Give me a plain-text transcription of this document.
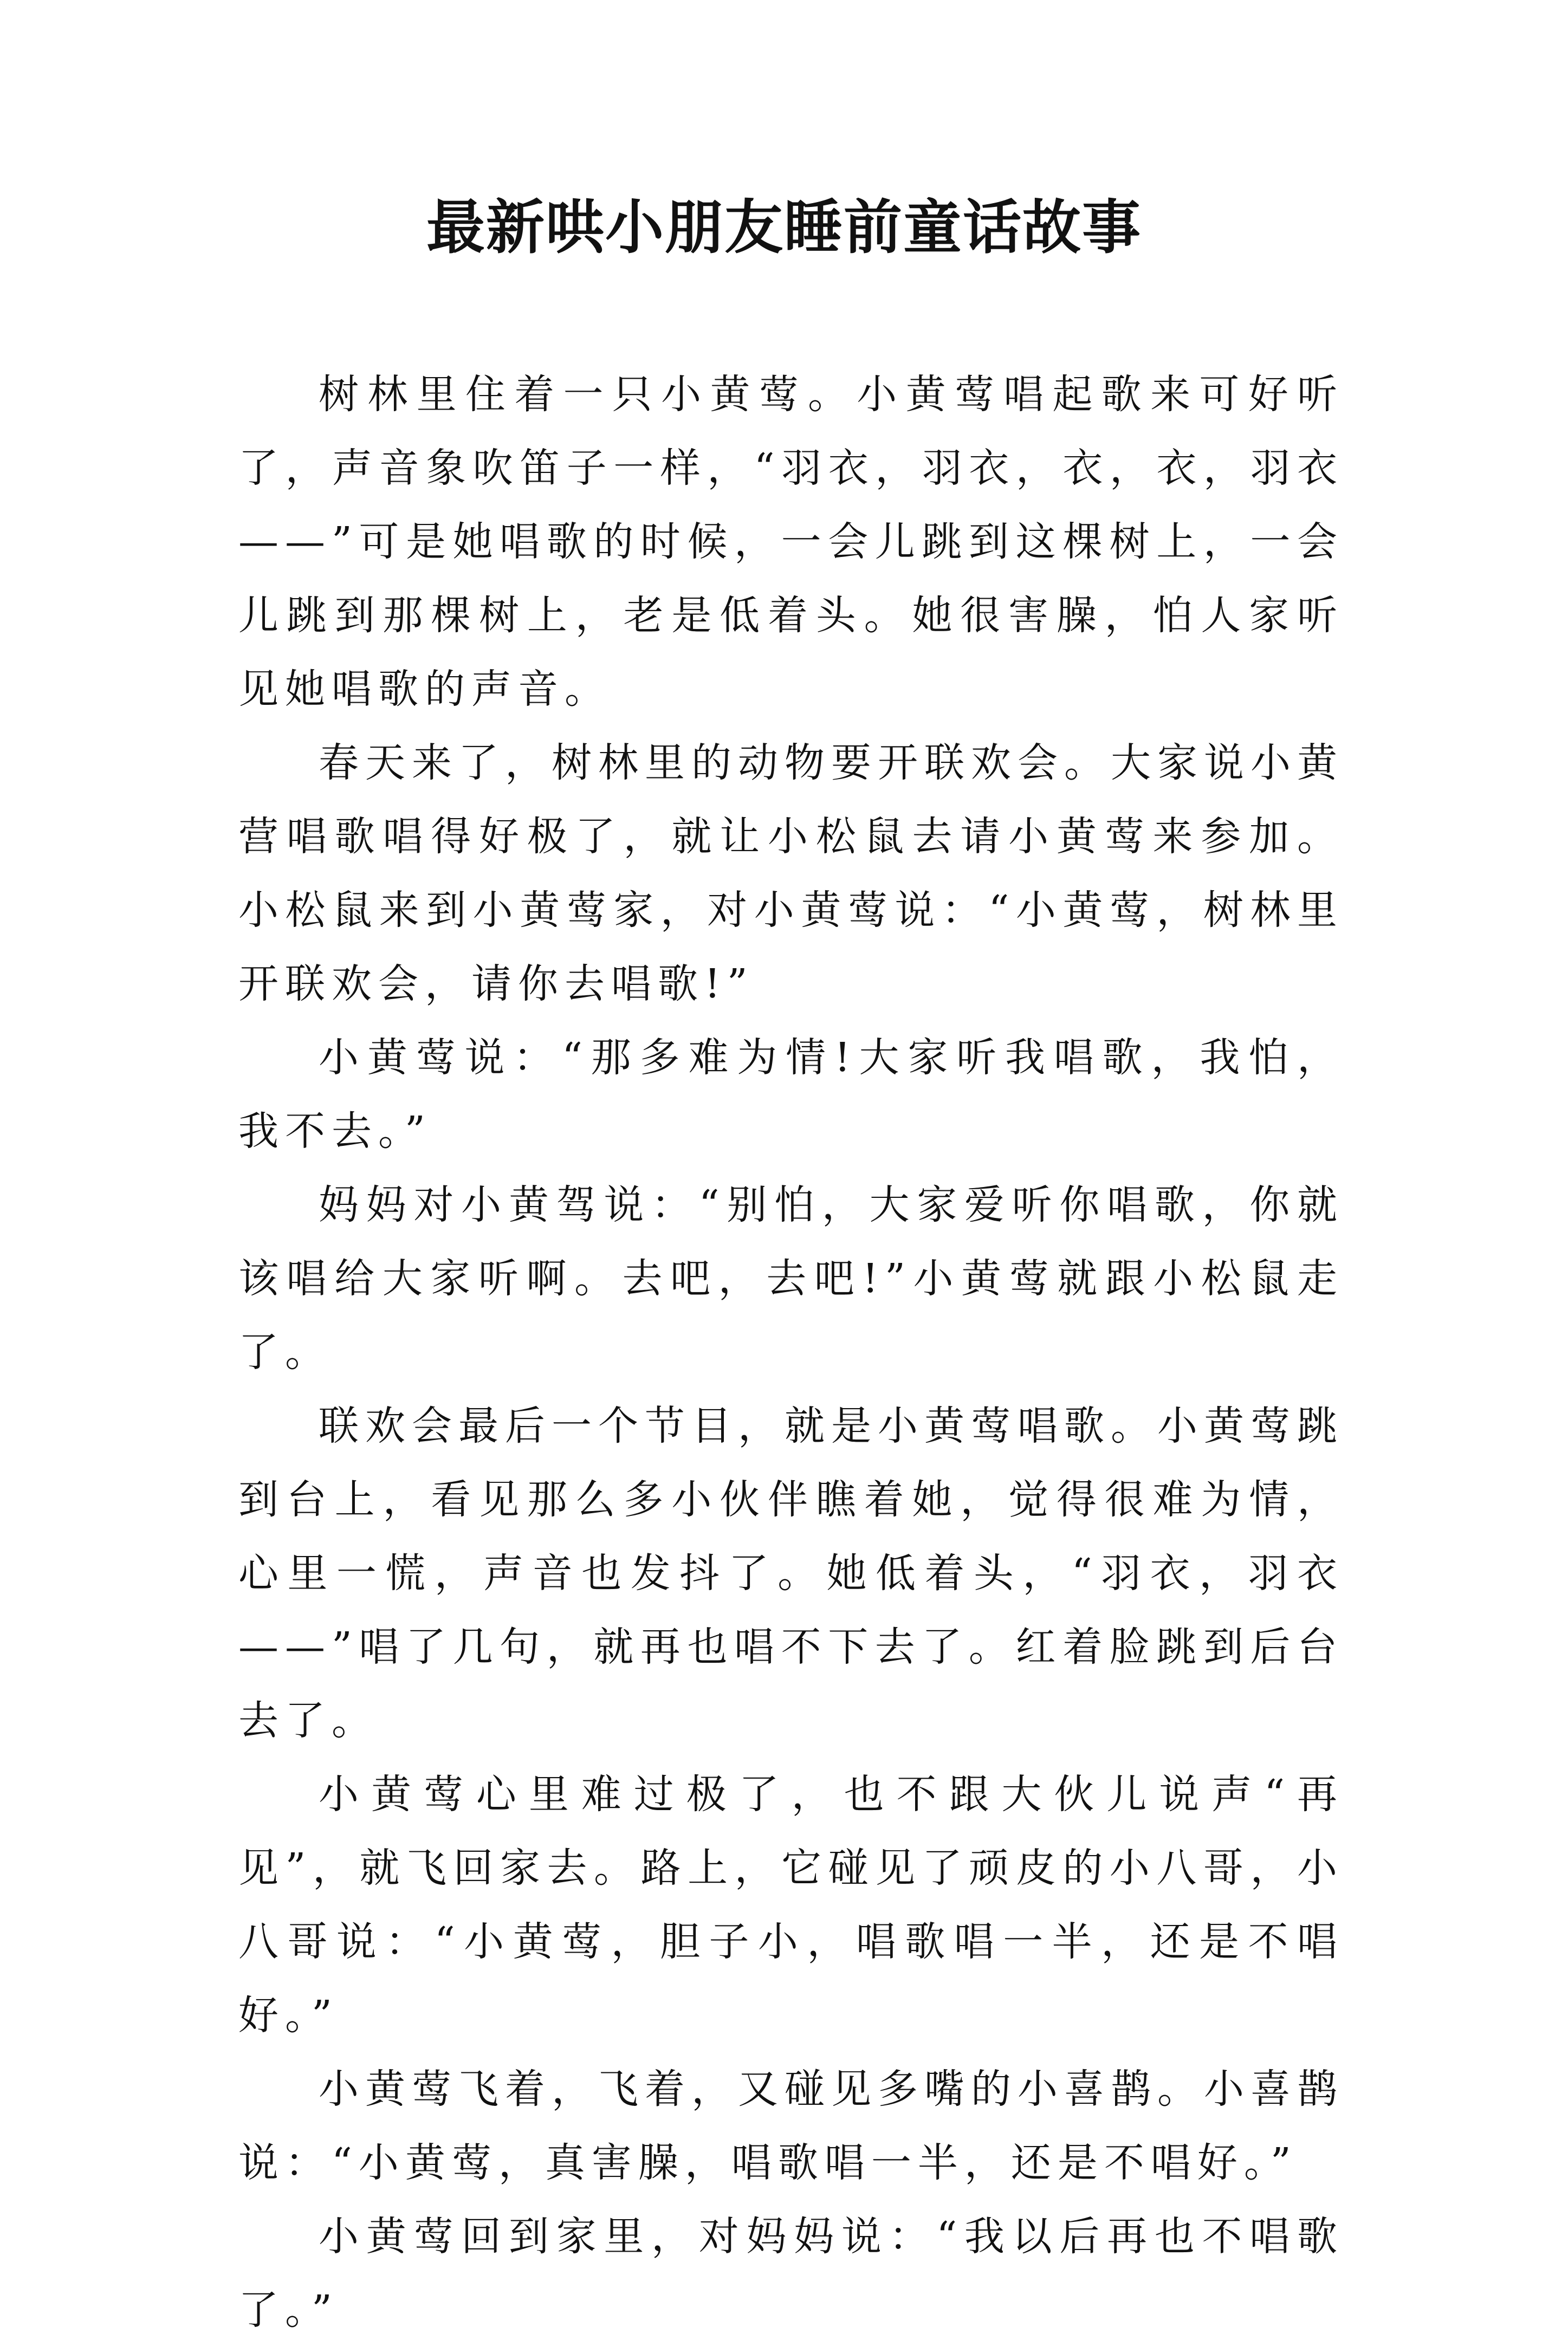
最新哄小朋友睡前童话故事

树林里住着一只小黄莺。小黄莺唱起歌来可好听了，声音象吹笛子一样，“羽衣，羽衣，衣，衣，羽衣——”可是她唱歌的时候，一会儿跳到这棵树上，一会儿跳到那棵树上，老是低着头。她很害臊，怕人家听见她唱歌的声音。

春天来了，树林里的动物要开联欢会。大家说小黄营唱歌唱得好极了，就让小松鼠去请小黄莺来参加。小松鼠来到小黄莺家，对小黄莺说：“小黄莺，树林里开联欢会，请你去唱歌!”

小黄莺说：“那多难为情!大家听我唱歌，我怕，我不去。”

妈妈对小黄驾说：“别怕，大家爱听你唱歌，你就该唱给大家听啊。去吧，去吧!”小黄莺就跟小松鼠走了。

联欢会最后一个节目，就是小黄莺唱歌。小黄莺跳到台上，看见那么多小伙伴瞧着她，觉得很难为情，心里一慌，声音也发抖了。她低着头，“羽衣，羽衣——”唱了几句，就再也唱不下去了。红着脸跳到后台去了。

小黄莺心里难过极了，也不跟大伙儿说声“再见”，就飞回家去。路上，它碰见了顽皮的小八哥，小八哥说：“小黄莺，胆子小，唱歌唱一半，还是不唱好。”

小黄莺飞着，飞着，又碰见多嘴的小喜鹊。小喜鹊说：“小黄莺，真害臊，唱歌唱一半，还是不唱好。”

小黄莺回到家里，对妈妈说：“我以后再也不唱歌了。”
